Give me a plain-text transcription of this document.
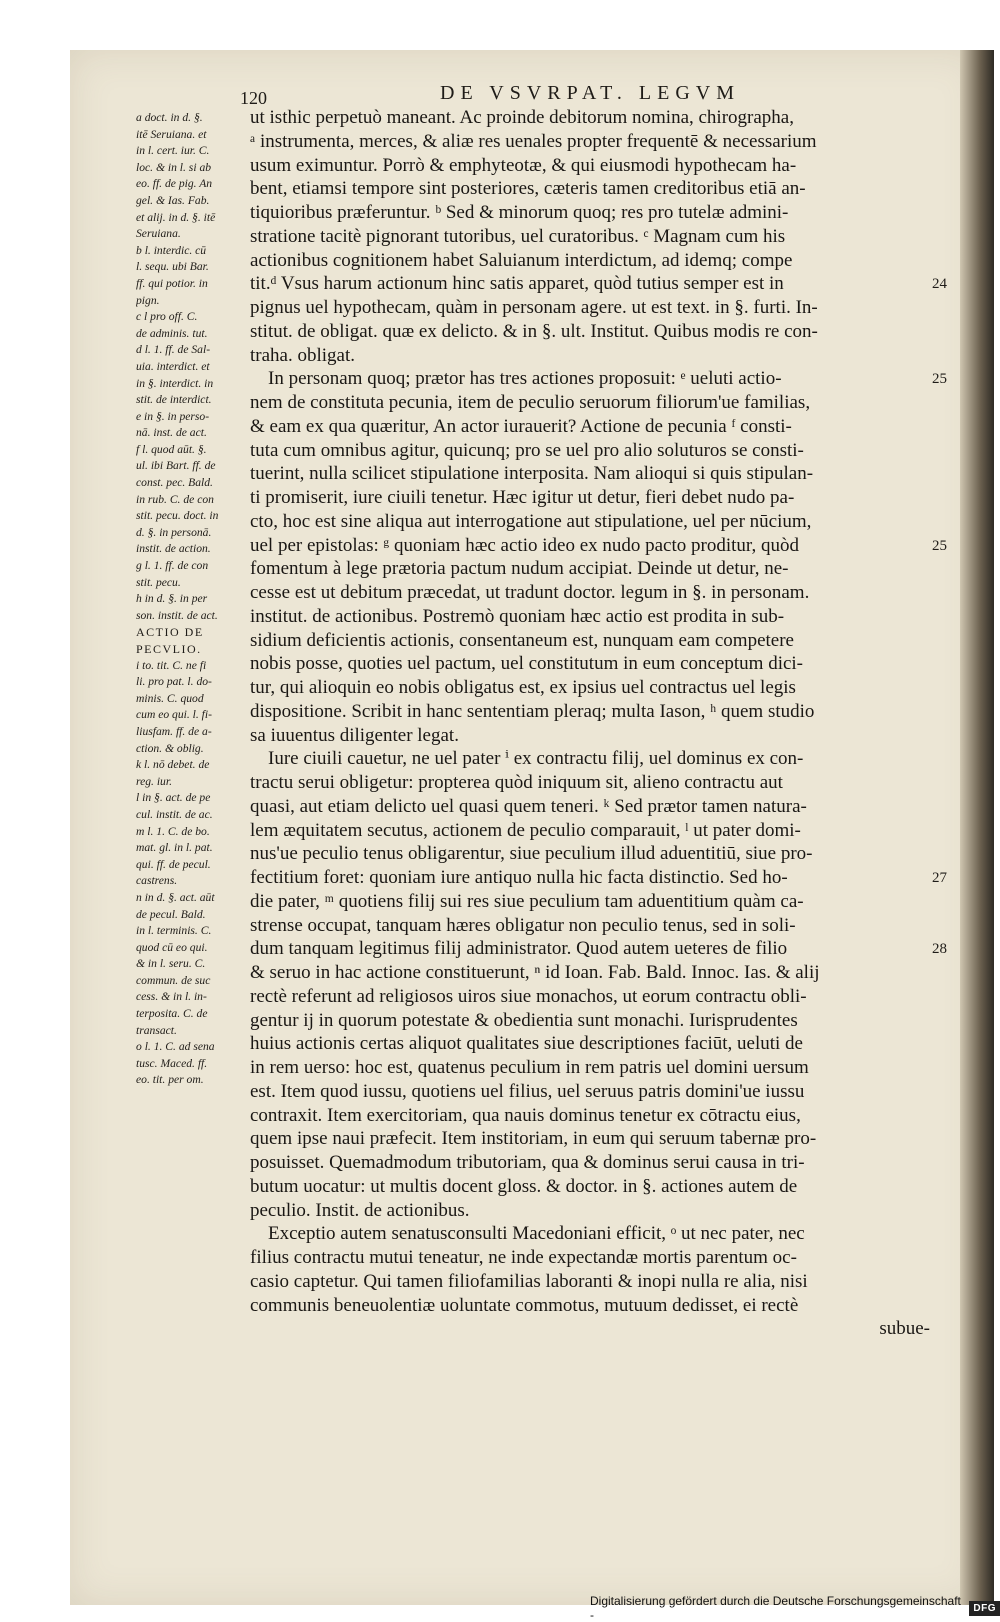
120	DE VSVRPAT. LEGVM
a doct. in d. §.
itē Seruiana. et
in l. cert. iur. C.
loc. & in l. si ab
eo. ff. de pig. An
gel. & Ias. Fab.
et alij. in d. §. itē
Seruiana.
b l. interdic. cū
l. sequ. ubi Bar.
ff. qui potior. in
pign.
c l pro off. C.
de adminis. tut.
d l. 1. ff. de Sal-
uia. interdict. et
in §. interdict. in
stit. de interdict.
e in §. in perso-
nā. inst. de act.
f l. quod aūt. §.
ul. ibi Bart. ff. de
const. pec. Bald.
in rub. C. de con
stit. pecu. doct. in
d. §. in personā.
instit. de action.
g l. 1. ff. de con
stit. pecu.
h in d. §. in per
son. instit. de act.
ACTIO DE
PECVLIO.
i to. tit. C. ne fi
li. pro pat. l. do-
minis. C. quod
cum eo qui. l. fi-
liusfam. ff. de a-
ction. & oblig.
k l. nō debet. de
reg. iur.
l in §. act. de pe
cul. instit. de ac.
m l. 1. C. de bo.
mat. gl. in l. pat.
qui. ff. de pecul.
castrens.
n in d. §. act. aūt
de pecul. Bald.
in l. terminis. C.
quod cū eo qui.
& in l. seru. C.
commun. de suc
cess. & in l. in-
terposita. C. de
transact.
o l. 1. C. ad sena
tusc. Maced. ff.
eo. tit. per om.
ut isthic perpetuò maneant. Ac proinde debitorum nomina, chirographa,
ᵃ instrumenta, merces, & aliæ res uenales propter frequentē & necessarium
usum eximuntur. Porrò & emphyteotæ, & qui eiusmodi hypothecam ha-
bent, etiamsi tempore sint posteriores, cæteris tamen creditoribus etiā an-
tiquioribus præferuntur. ᵇ Sed & minorum quoq; res pro tutelæ admini-
stratione tacitè pignorant tutoribus, uel curatoribus. ᶜ Magnam cum his
actionibus cognitionem habet Saluianum interdictum, ad idemq; compe
tit.ᵈ Vsus harum actionum hinc satis apparet, quòd tutius semper est in
pignus uel hypothecam, quàm in personam agere. ut est text. in §. furti. In-
stitut. de obligat. quæ ex delicto. & in §. ult. Institut. Quibus modis re con-
traha. obligat.
In personam quoq; prætor has tres actiones proposuit: ᵉ ueluti actio-
nem de constituta pecunia, item de peculio seruorum filiorum'ue familias,
& eam ex qua quæritur, An actor iurauerit? Actione de pecunia ᶠ consti-
tuta cum omnibus agitur, quicunq; pro se uel pro alio soluturos se consti-
tuerint, nulla scilicet stipulatione interposita. Nam alioqui si quis stipulan-
ti promiserit, iure ciuili tenetur. Hæc igitur ut detur, fieri debet nudo pa-
cto, hoc est sine aliqua aut interrogatione aut stipulatione, uel per nūcium,
uel per epistolas: ᵍ quoniam hæc actio ideo ex nudo pacto proditur, quòd
fomentum à lege prætoria pactum nudum accipiat. Deinde ut detur, ne-
cesse est ut debitum præcedat, ut tradunt doctor. legum in §. in personam.
institut. de actionibus. Postremò quoniam hæc actio est prodita in sub-
sidium deficientis actionis, consentaneum est, nunquam eam competere
nobis posse, quoties uel pactum, uel constitutum in eum conceptum dici-
tur, qui alioquin eo nobis obligatus est, ex ipsius uel contractus uel legis
dispositione. Scribit in hanc sententiam pleraq; multa Iason, ʰ quem studio
sa iuuentus diligenter legat.
Iure ciuili cauetur, ne uel pater ⁱ ex contractu filij, uel dominus ex con-
tractu serui obligetur: propterea quòd iniquum sit, alieno contractu aut
quasi, aut etiam delicto uel quasi quem teneri. ᵏ Sed prætor tamen natura-
lem æquitatem secutus, actionem de peculio comparauit, ˡ ut pater domi-
nus'ue peculio tenus obligarentur, siue peculium illud aduentitiū, siue pro-
fectitium foret: quoniam iure antiquo nulla hic facta distinctio. Sed ho-
die pater, ᵐ quotiens filij sui res siue peculium tam aduentitium quàm ca-
strense occupat, tanquam hæres obligatur non peculio tenus, sed in soli-
dum tanquam legitimus filij administrator. Quod autem ueteres de filio
& seruo in hac actione constituerunt, ⁿ id Ioan. Fab. Bald. Innoc. Ias. & alij
rectè referunt ad religiosos uiros siue monachos, ut eorum contractu obli-
gentur ij in quorum potestate & obedientia sunt monachi. Iurisprudentes
huius actionis certas aliquot qualitates siue descriptiones faciūt, ueluti de
in rem uerso: hoc est, quatenus peculium in rem patris uel domini uersum
est. Item quod iussu, quotiens uel filius, uel seruus patris domini'ue iussu
contraxit. Item exercitoriam, qua nauis dominus tenetur ex cōtractu eius,
quem ipse naui præfecit. Item institoriam, in eum qui seruum tabernæ pro-
posuisset. Quemadmodum tributoriam, qua & dominus serui causa in tri-
butum uocatur: ut multis docent gloss. & doctor. in §. actiones autem de
peculio. Instit. de actionibus.
Exceptio autem senatusconsulti Macedoniani efficit, ᵒ ut nec pater, nec
filius contractu mutui teneatur, ne inde expectandæ mortis parentum oc-
casio captetur. Qui tamen filiofamilias laboranti & inopi nulla re alia, nisi
communis beneuolentiæ uoluntate commotus, mutuum dedisset, ei rectè
subue-
24
25
25
27
28
Digitalisierung gefördert durch die Deutsche Forschungsgemeinschaft -	DFG
